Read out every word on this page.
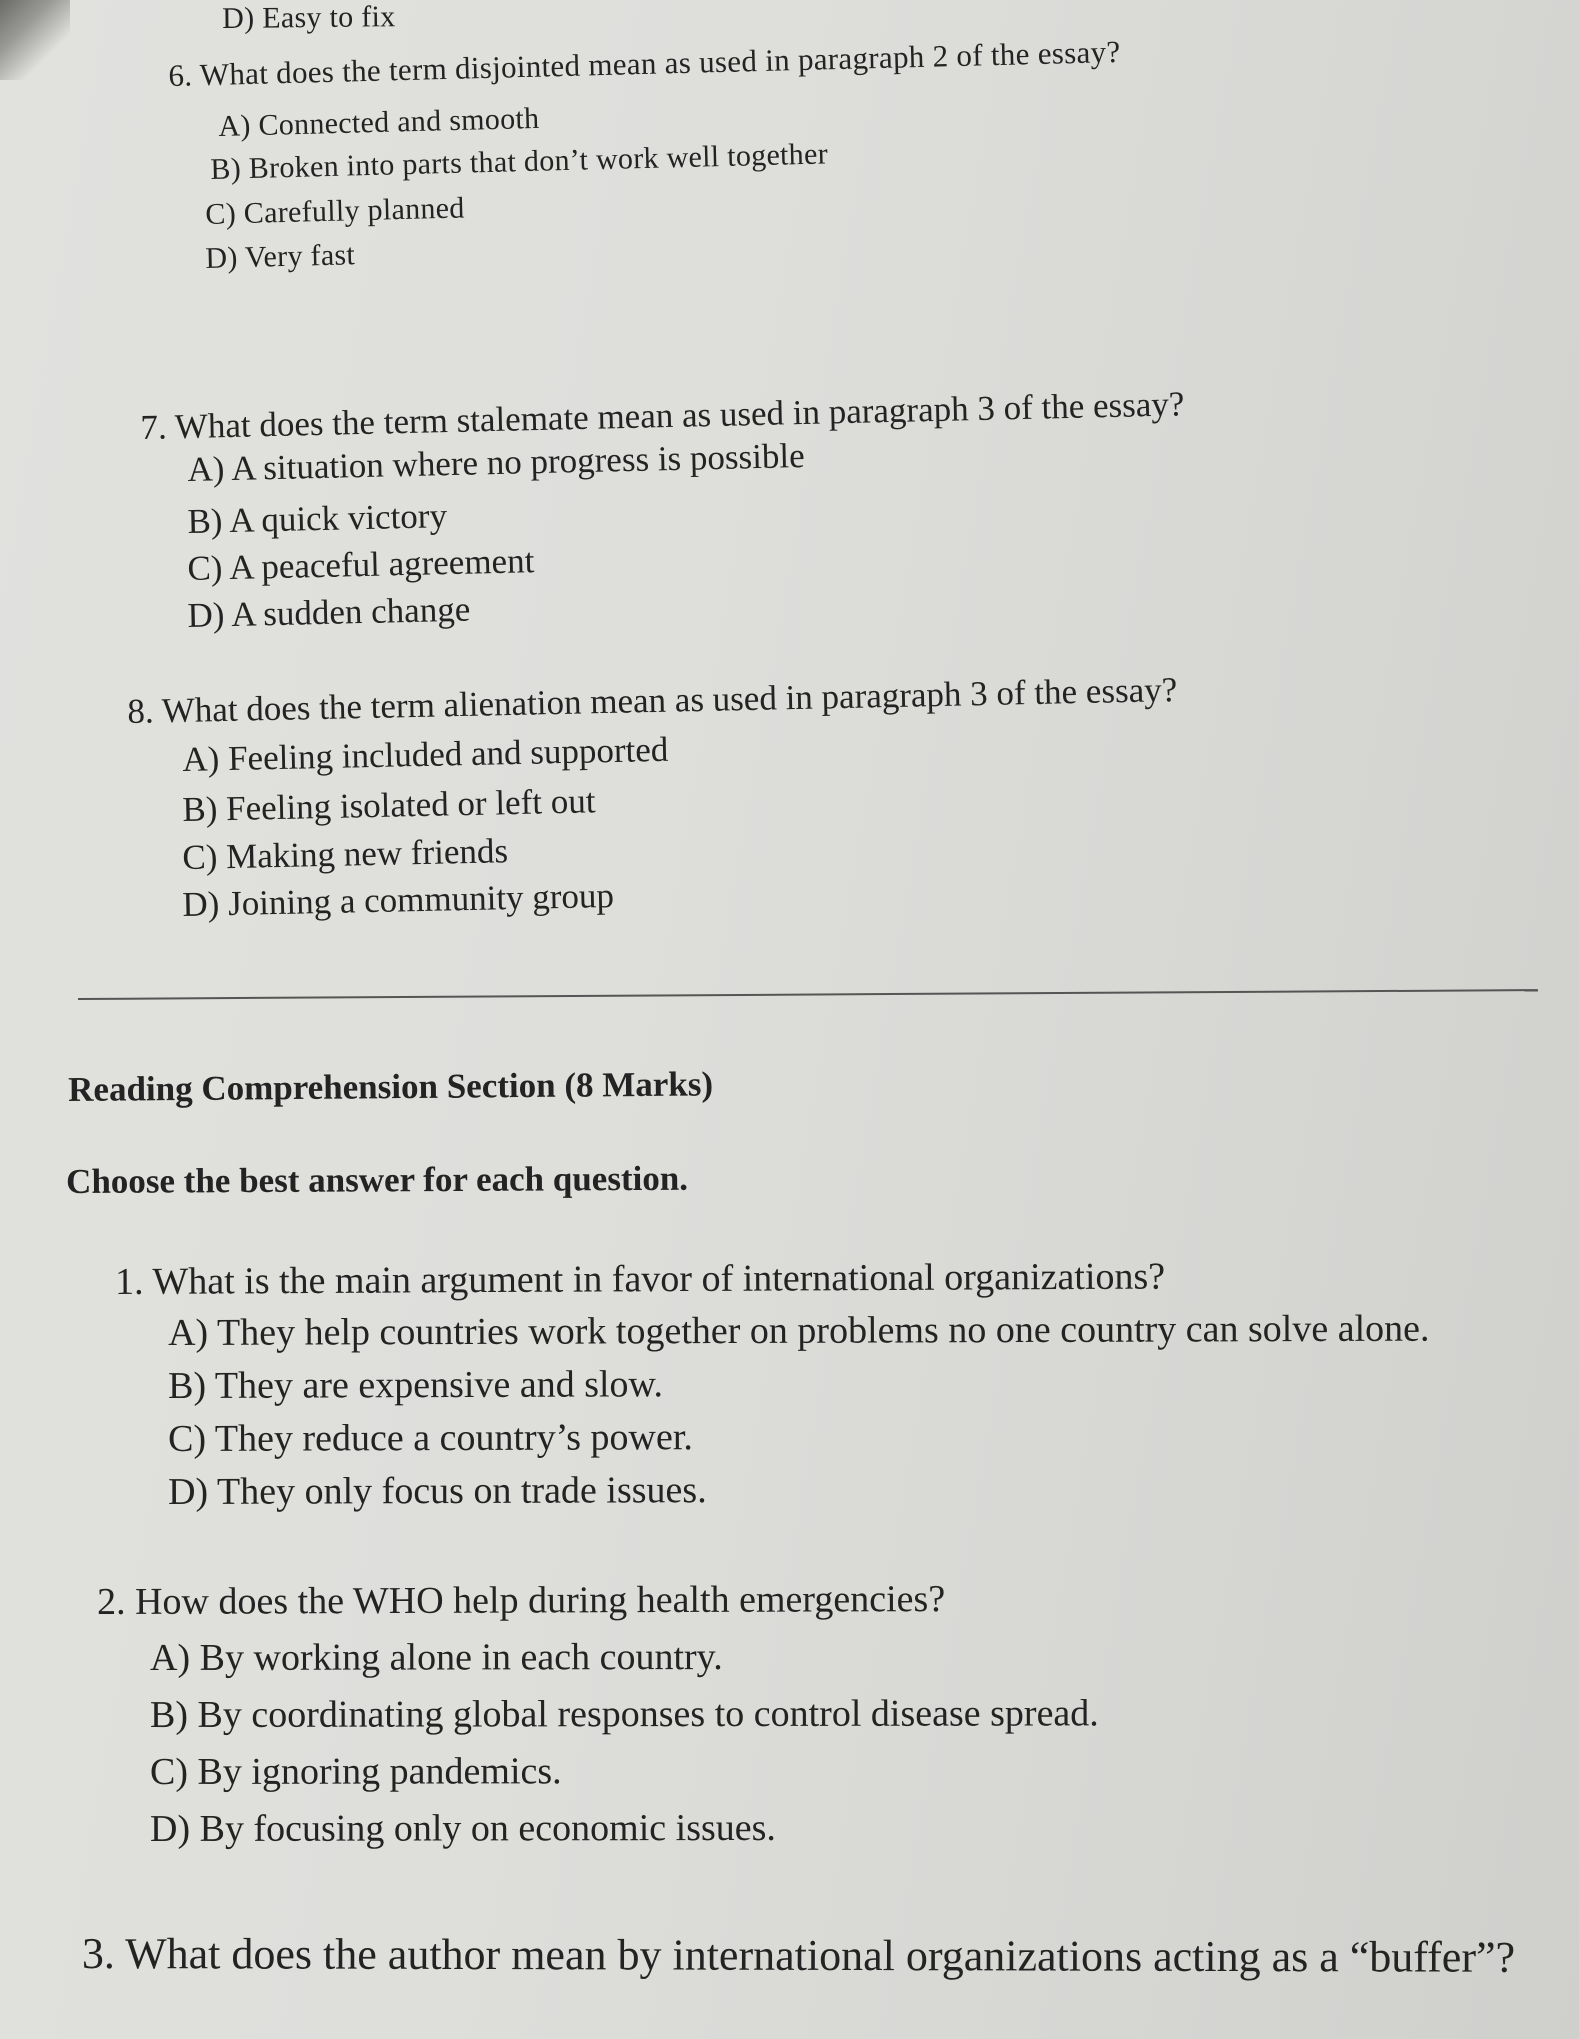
D) Easy to fix
6. What does the term disjointed mean as used in paragraph 2 of the essay?
A) Connected and smooth
B) Broken into parts that don’t work well together
C) Carefully planned
D) Very fast
7. What does the term stalemate mean as used in paragraph 3 of the essay?
A) A situation where no progress is possible
B) A quick victory
C) A peaceful agreement
D) A sudden change
8. What does the term alienation mean as used in paragraph 3 of the essay?
A) Feeling included and supported
B) Feeling isolated or left out
C) Making new friends
D) Joining a community group
Reading Comprehension Section (8 Marks)
Choose the best answer for each question.
1. What is the main argument in favor of international organizations?
A) They help countries work together on problems no one country can solve alone.
B) They are expensive and slow.
C) They reduce a country’s power.
D) They only focus on trade issues.
2. How does the WHO help during health emergencies?
A) By working alone in each country.
B) By coordinating global responses to control disease spread.
C) By ignoring pandemics.
D) By focusing only on economic issues.
3. What does the author mean by international organizations acting as a “buffer”?
